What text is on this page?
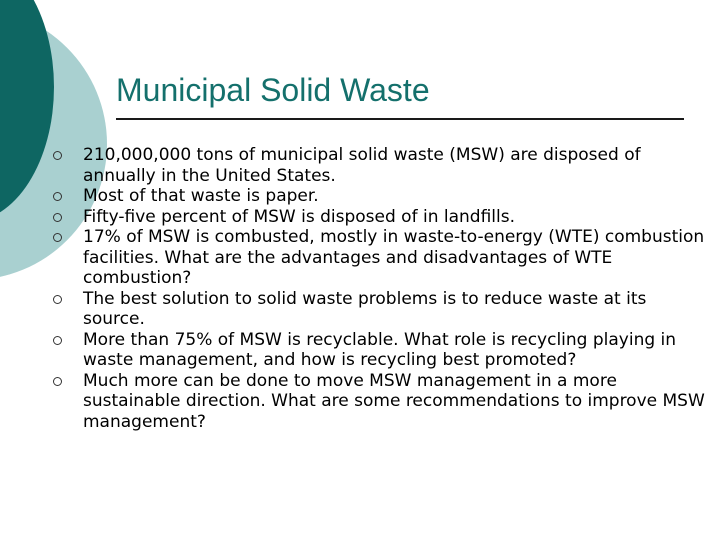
Municipal Solid Waste
210,000,000 tons of municipal solid waste (MSW) are disposed of annually in the United States.
Most of that waste is paper.
Fifty-five percent of MSW is disposed of in landfills.
17% of MSW is combusted, mostly in waste-to-energy (WTE) combustion facilities. What are the advantages and disadvantages of WTE combustion?
The best solution to solid waste problems is to reduce waste at its source.
More than 75% of MSW is recyclable. What role is recycling playing in waste management, and how is recycling best promoted?
Much more can be done to move MSW management in a more sustainable direction. What are some recommendations to improve MSW management?
